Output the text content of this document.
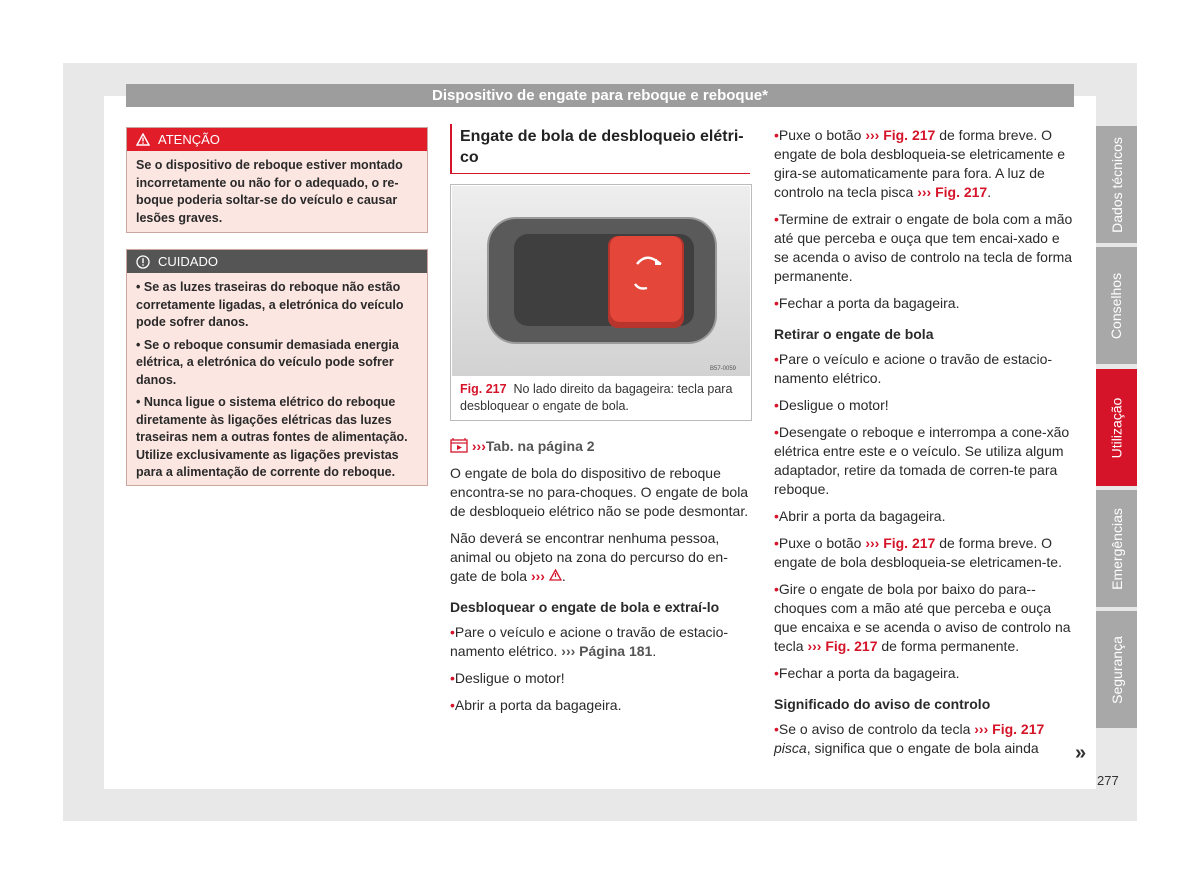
Dispositivo de engate para reboque e reboque*
Dados técnicos
Conselhos
Utilização
Emergências
Segurança
277
ATENÇÃO

Se o dispositivo de reboque estiver montado incorretamente ou não for o adequado, o re-boque poderia soltar-se do veículo e causar lesões graves.

CUIDADO

• Se as luzes traseiras do reboque não estão corretamente ligadas, a eletrónica do veículo pode sofrer danos.

• Se o reboque consumir demasiada energia elétrica, a eletrónica do veículo pode sofrer danos.

• Nunca ligue o sistema elétrico do reboque diretamente às ligações elétricas das luzes traseiras nem a outras fontes de alimentação. Utilize exclusivamente as ligações previstas para a alimentação de corrente do reboque.

Engate de bola de desbloqueio elétri-co
B57-0059
Fig. 217 No lado direito da bagageira: tecla para desbloquear o engate de bola.

›››Tab. na página 2

O engate de bola do dispositivo de reboque encontra-se no para-choques. O engate de bola de desbloqueio elétrico não se pode desmontar.

Não deverá se encontrar nenhuma pessoa, animal ou objeto na zona do percurso do en-gate de bola ››› .

Desbloquear o engate de bola e extraí-lo

• Pare o veículo e acione o travão de estacio-namento elétrico. ››› Página 181.

• Desligue o motor!

• Abrir a porta da bagageira.

• Puxe o botão ››› Fig. 217 de forma breve. O engate de bola desbloqueia-se eletricamente e gira-se automaticamente para fora. A luz de controlo na tecla pisca ››› Fig. 217.

• Termine de extrair o engate de bola com a mão até que perceba e ouça que tem encai-xado e se acenda o aviso de controlo na tecla de forma permanente.

• Fechar a porta da bagageira.

Retirar o engate de bola

• Pare o veículo e acione o travão de estacio-namento elétrico.

• Desligue o motor!

• Desengate o reboque e interrompa a cone-xão elétrica entre este e o veículo. Se utiliza algum adaptador, retire da tomada de corren-te para reboque.

• Abrir a porta da bagageira.

• Puxe o botão ››› Fig. 217 de forma breve. O engate de bola desbloqueia-se eletricamen-te.

• Gire o engate de bola por baixo do para--choques com a mão até que perceba e ouça que encaixa e se acenda o aviso de controlo na tecla ››› Fig. 217 de forma permanente.

• Fechar a porta da bagageira.

Significado do aviso de controlo

• Se o aviso de controlo da tecla ››› Fig. 217 pisca, significa que o engate de bola ainda	»
